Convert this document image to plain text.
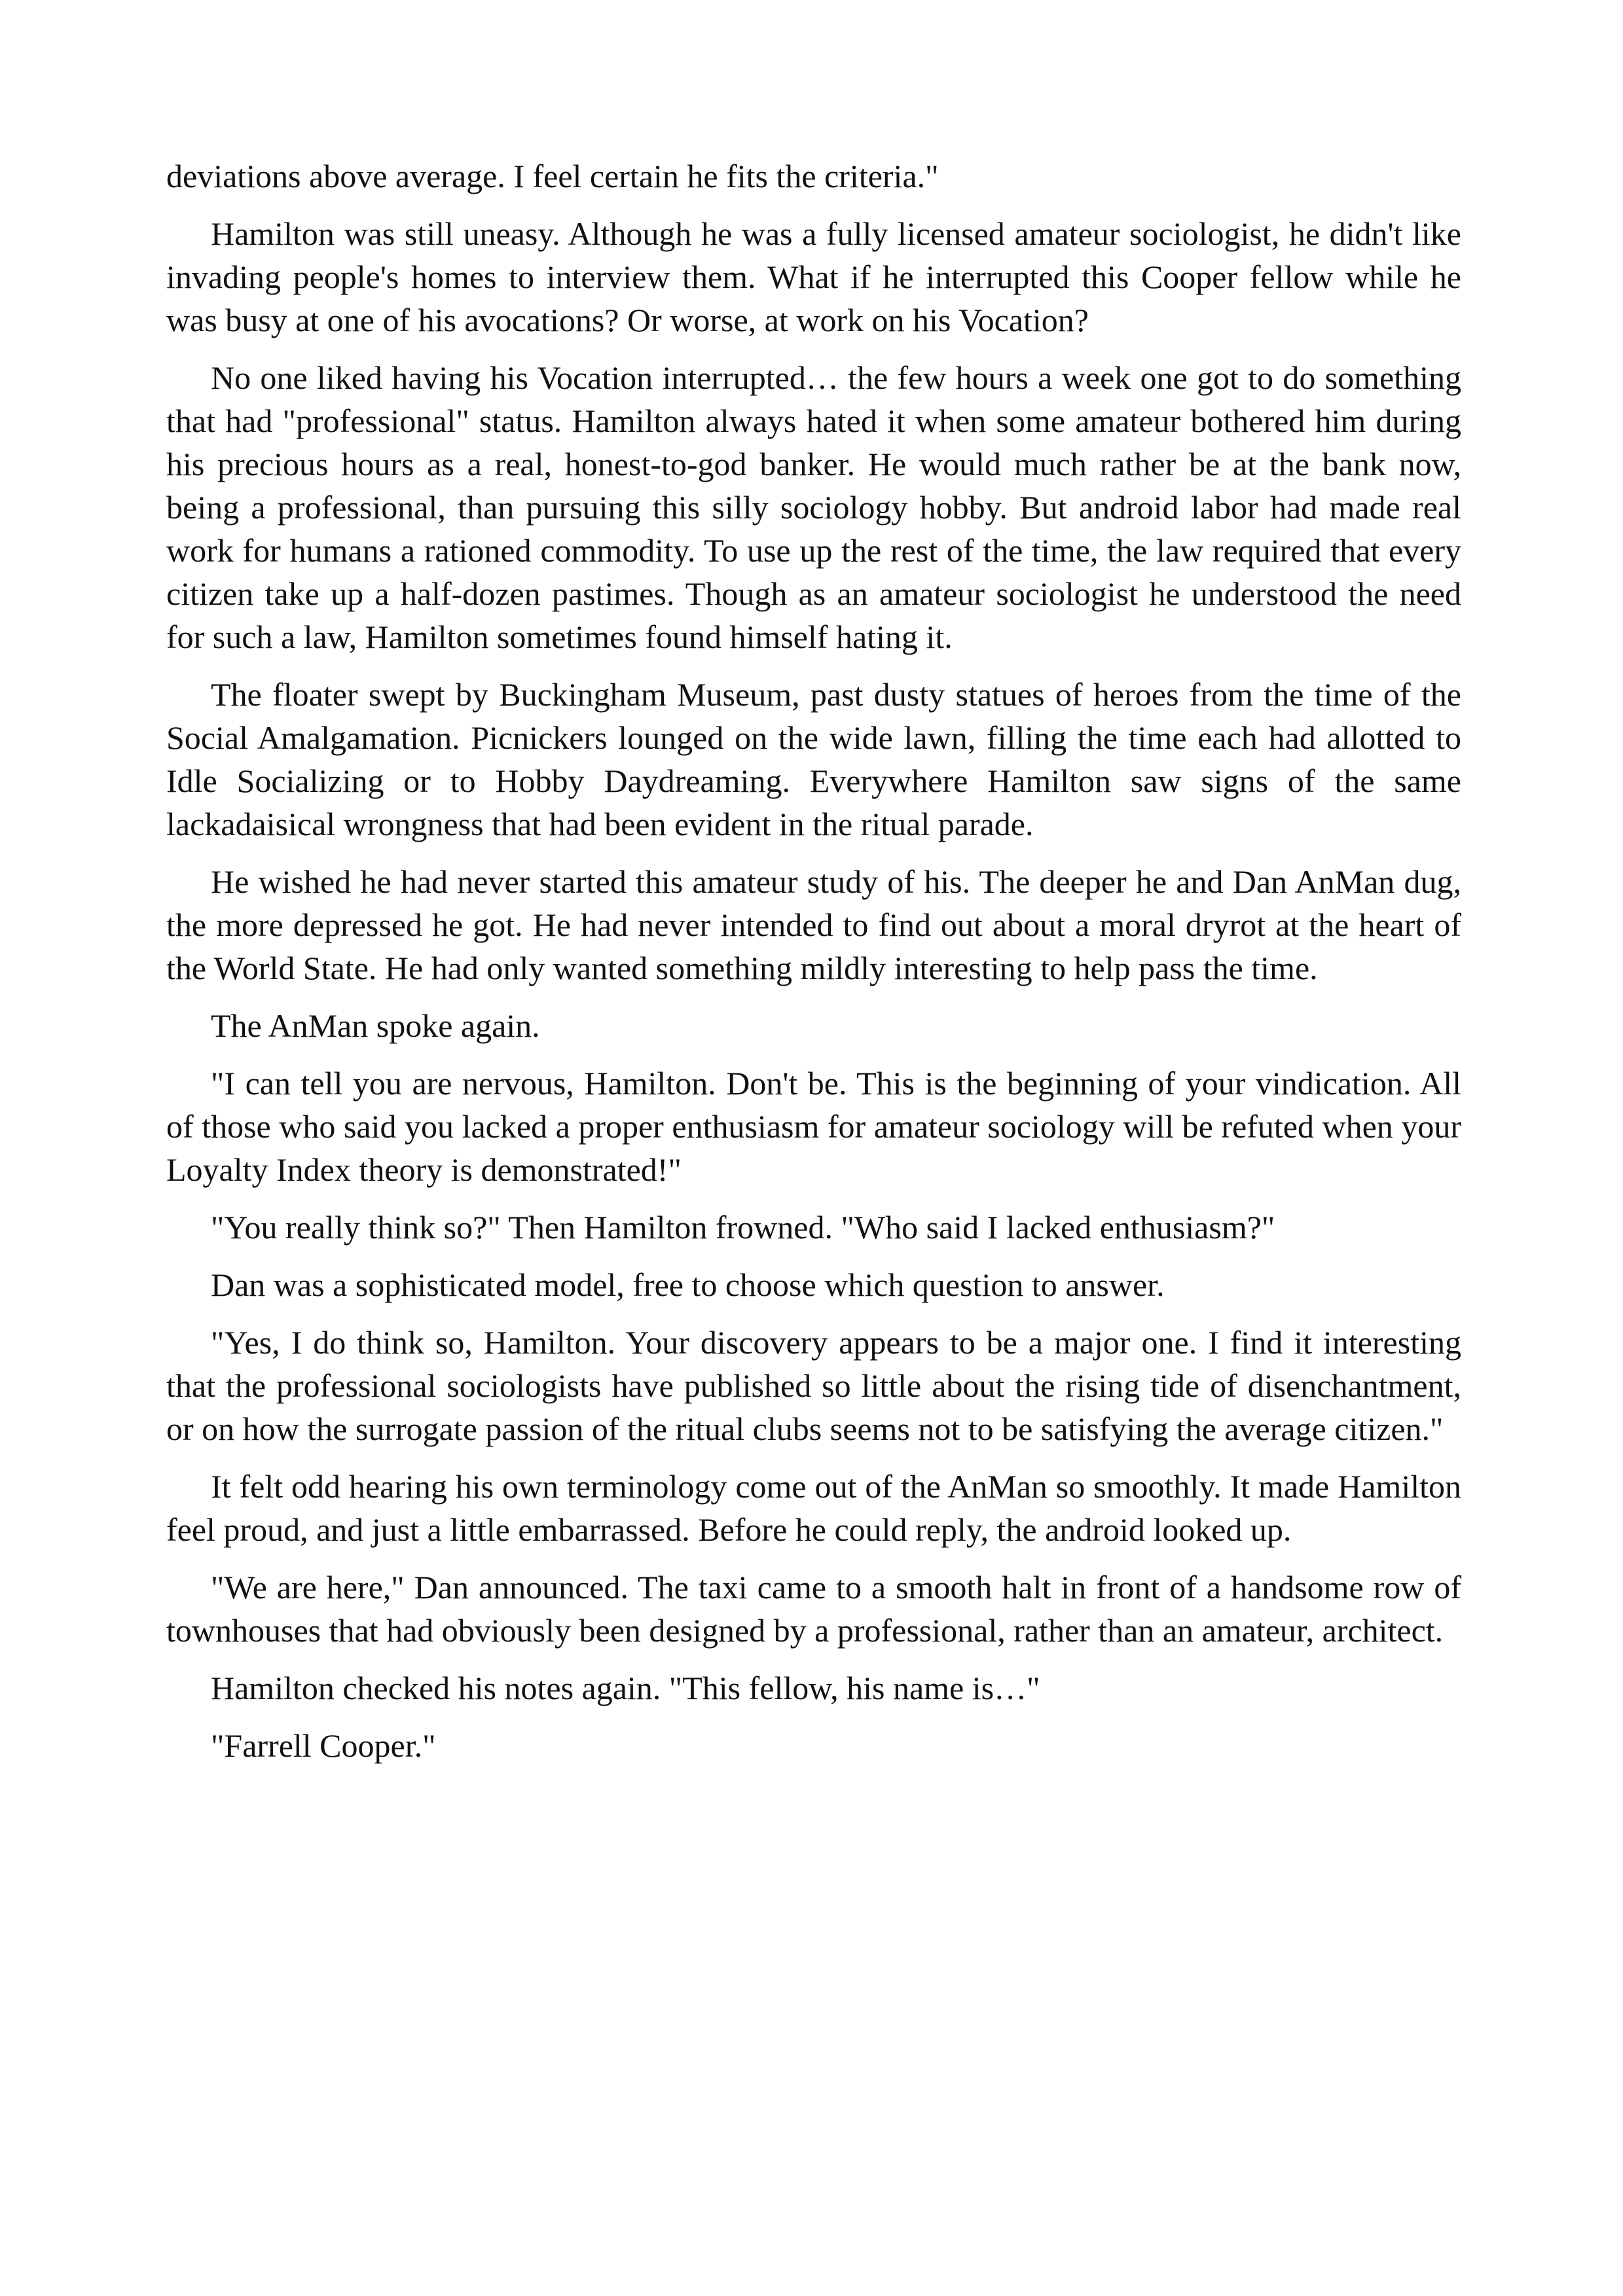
deviations above average. I feel certain he fits the criteria."

Hamilton was still uneasy. Although he was a fully licensed amateur sociologist, he didn't like invading people's homes to interview them. What if he interrupted this Cooper fellow while he was busy at one of his avocations? Or worse, at work on his Vocation?

No one liked having his Vocation interrupted… the few hours a week one got to do something that had "professional" status. Hamilton always hated it when some amateur bothered him during his precious hours as a real, honest-to-god banker. He would much rather be at the bank now, being a professional, than pursuing this silly sociology hobby. But android labor had made real work for humans a rationed commodity. To use up the rest of the time, the law required that every citizen take up a half-dozen pastimes. Though as an amateur sociologist he understood the need for such a law, Hamilton sometimes found himself hating it.

The floater swept by Buckingham Museum, past dusty statues of heroes from the time of the Social Amalgamation. Picnickers lounged on the wide lawn, filling the time each had allotted to Idle Socializing or to Hobby Daydreaming. Everywhere Hamilton saw signs of the same lackadaisical wrongness that had been evident in the ritual parade.

He wished he had never started this amateur study of his. The deeper he and Dan AnMan dug, the more depressed he got. He had never intended to find out about a moral dryrot at the heart of the World State. He had only wanted something mildly interesting to help pass the time.

The AnMan spoke again.

"I can tell you are nervous, Hamilton. Don't be. This is the beginning of your vindication. All of those who said you lacked a proper enthusiasm for amateur sociology will be refuted when your Loyalty Index theory is demonstrated!"

"You really think so?" Then Hamilton frowned. "Who said I lacked enthusiasm?"

Dan was a sophisticated model, free to choose which question to answer.

"Yes, I do think so, Hamilton. Your discovery appears to be a major one. I find it interesting that the professional sociologists have published so little about the rising tide of disenchantment, or on how the surrogate passion of the ritual clubs seems not to be satisfying the average citizen."

It felt odd hearing his own terminology come out of the AnMan so smoothly. It made Hamilton feel proud, and just a little embarrassed. Before he could reply, the android looked up.

"We are here," Dan announced. The taxi came to a smooth halt in front of a handsome row of townhouses that had obviously been designed by a professional, rather than an amateur, architect.

Hamilton checked his notes again. "This fellow, his name is…"

"Farrell Cooper."
